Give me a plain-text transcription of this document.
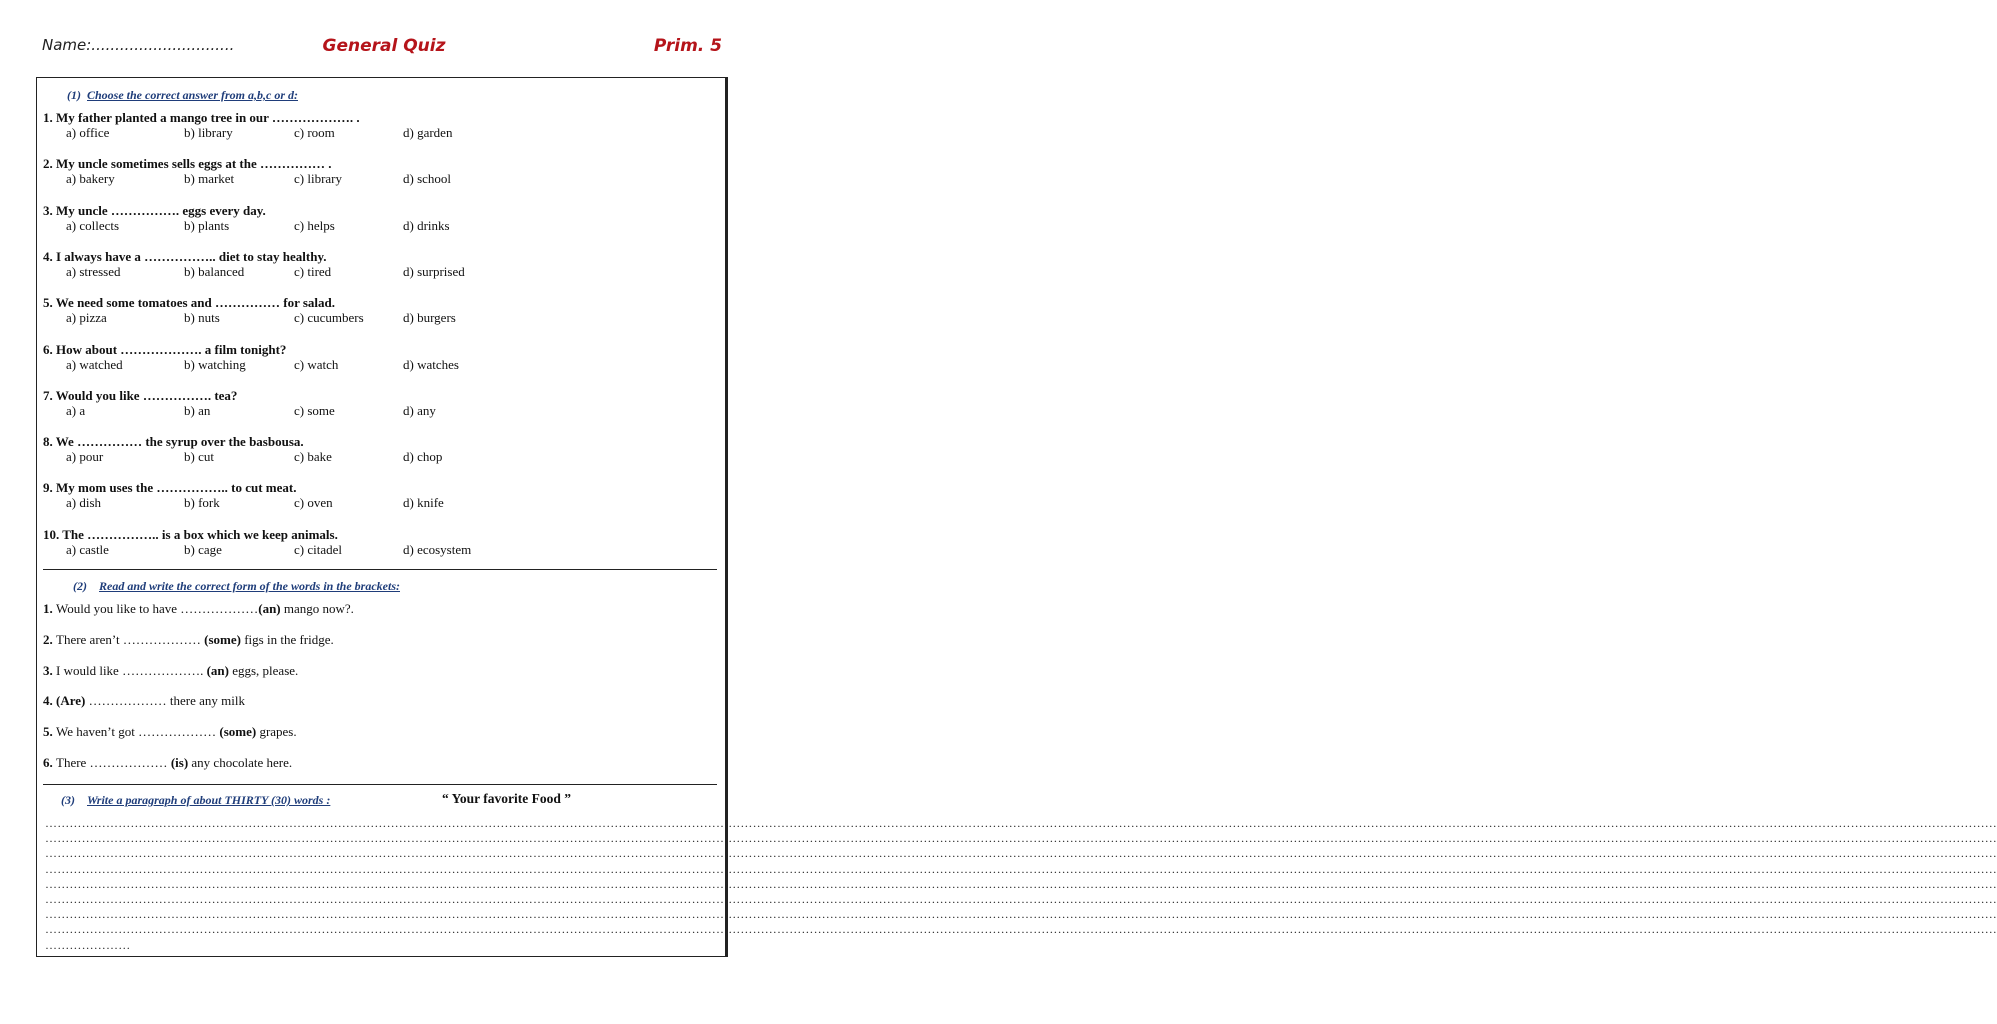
Name:..............................	General Quiz	Prim. 5
(1) Choose the correct answer from a,b,c or d:
1. My father planted a mango tree in our ………………. .
a) office	b) library	c) room	d) garden
2. My uncle sometimes sells eggs at the …………… .
a) bakery	b) market	c) library	d) school
3. My uncle ……………. eggs every day.
a) collects	b) plants	c) helps	d) drinks
4. I always have a …………….. diet to stay healthy.
a) stressed	b) balanced	c) tired	d) surprised
5. We need some tomatoes and …………… for salad.
a) pizza	b) nuts	c) cucumbers	d) burgers
6. How about ………………. a film tonight?
a) watched	b) watching	c) watch	d) watches
7. Would you like ……………. tea?
a) a	b) an	c) some	d) any
8. We …………… the syrup over the basbousa.
a) pour	b) cut	c) bake	d) chop
9. My mom uses the …………….. to cut meat.
a) dish	b) fork	c) oven	d) knife
10. The …………….. is a box which we keep animals.
a) castle	b) cage	c) citadel	d) ecosystem
(2) Read and write the correct form of the words in the brackets:
1. Would you like to have ………………(an) mango now?.
2. There aren’t ……………… (some) figs in the fridge.
3. I would like ………………. (an) eggs, please.
4. (Are) ……………… there any milk
5. We haven’t got ……………… (some) grapes.
6. There ……………… (is) any chocolate here.
(3) Write a paragraph of about THIRTY (30) words :	“ Your favorite Food ”
…………………………………………………………………………………………………………………………………………………………………………………………………………………………………………………………………………………………………………………………………………………………………………………………………………………………………………
…………………………………………………………………………………………………………………………………………………………………………………………………………………………………………………………………………………………………………………………………………………………………………………………………………………………………………
…………………………………………………………………………………………………………………………………………………………………………………………………………………………………………………………………………………………………………………………………………………………………………………………………………………………………………
…………………………………………………………………………………………………………………………………………………………………………………………………………………………………………………………………………………………………………………………………………………………………………………………………………………………………………
…………………………………………………………………………………………………………………………………………………………………………………………………………………………………………………………………………………………………………………………………………………………………………………………………………………………………………
…………………………………………………………………………………………………………………………………………………………………………………………………………………………………………………………………………………………………………………………………………………………………………………………………………………………………………
…………………………………………………………………………………………………………………………………………………………………………………………………………………………………………………………………………………………………………………………………………………………………………………………………………………………………………
…………………………………………………………………………………………………………………………………………………………………………………………………………………………………………………………………………………………………………………………………………………………………………………………………………………………………………
…………………
